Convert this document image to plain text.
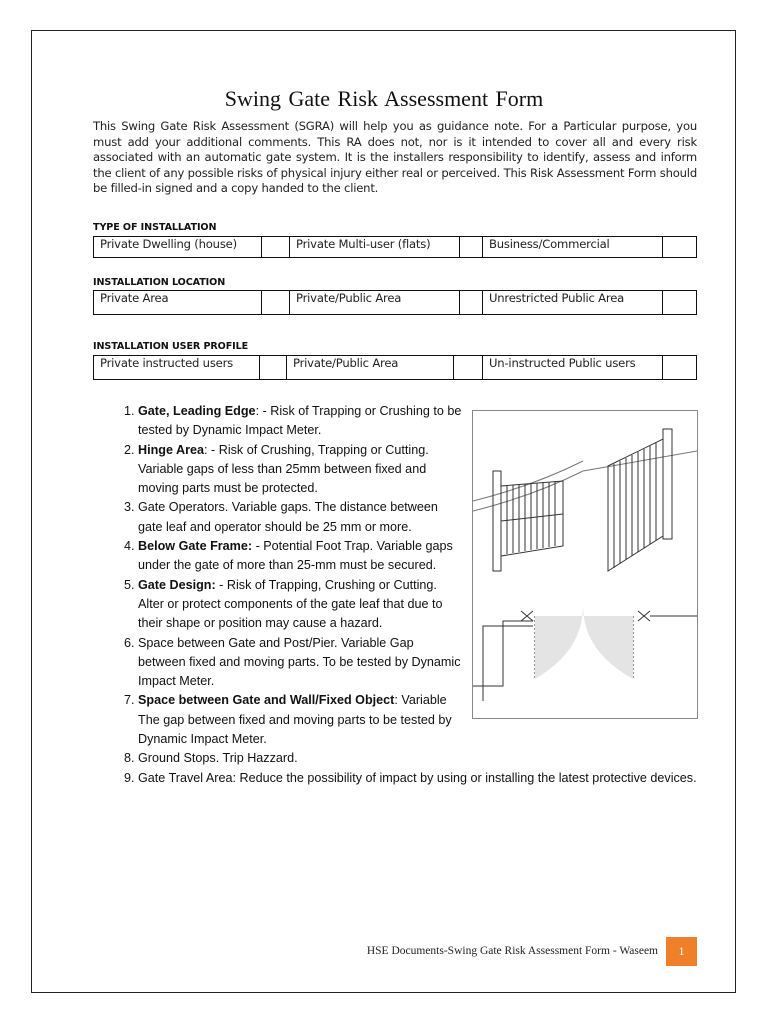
Swing Gate Risk Assessment Form
This Swing Gate Risk Assessment (SGRA) will help you as guidance note. For a Particular purpose, you must add your additional comments. This RA does not, nor is it intended to cover all and every risk associated with an automatic gate system. It is the installers responsibility to identify, assess and inform the client of any possible risks of physical injury either real or perceived. This Risk Assessment Form should be filled-in signed and a copy handed to the client.
TYPE OF INSTALLATION
Private Dwelling (house)		Private Multi-user (flats)		Business/Commercial	
INSTALLATION LOCATION
Private Area		Private/Public Area		Unrestricted Public Area	
INSTALLATION USER PROFILE
Private instructed users		Private/Public Area		Un-instructed Public users	
1. Gate, Leading Edge: - Risk of Trapping or Crushing to be tested by Dynamic Impact Meter.
2. Hinge Area: - Risk of Crushing, Trapping or Cutting. Variable gaps of less than 25mm between fixed and moving parts must be protected.
3. Gate Operators. Variable gaps. The distance between gate leaf and operator should be 25 mm or more.
4. Below Gate Frame: - Potential Foot Trap. Variable gaps under the gate of more than 25-mm must be secured.
5. Gate Design: - Risk of Trapping, Crushing or Cutting. Alter or protect components of the gate leaf that due to their shape or position may cause a hazard.
6. Space between Gate and Post/Pier. Variable Gap between fixed and moving parts. To be tested by Dynamic Impact Meter.
7. Space between Gate and Wall/Fixed Object: Variable The gap between fixed and moving parts to be tested by Dynamic Impact Meter.
8. Ground Stops. Trip Hazzard.
9. Gate Travel Area: Reduce the possibility of impact by using or installing the latest protective devices.
HSE Documents-Swing Gate Risk Assessment Form - Waseem	1
